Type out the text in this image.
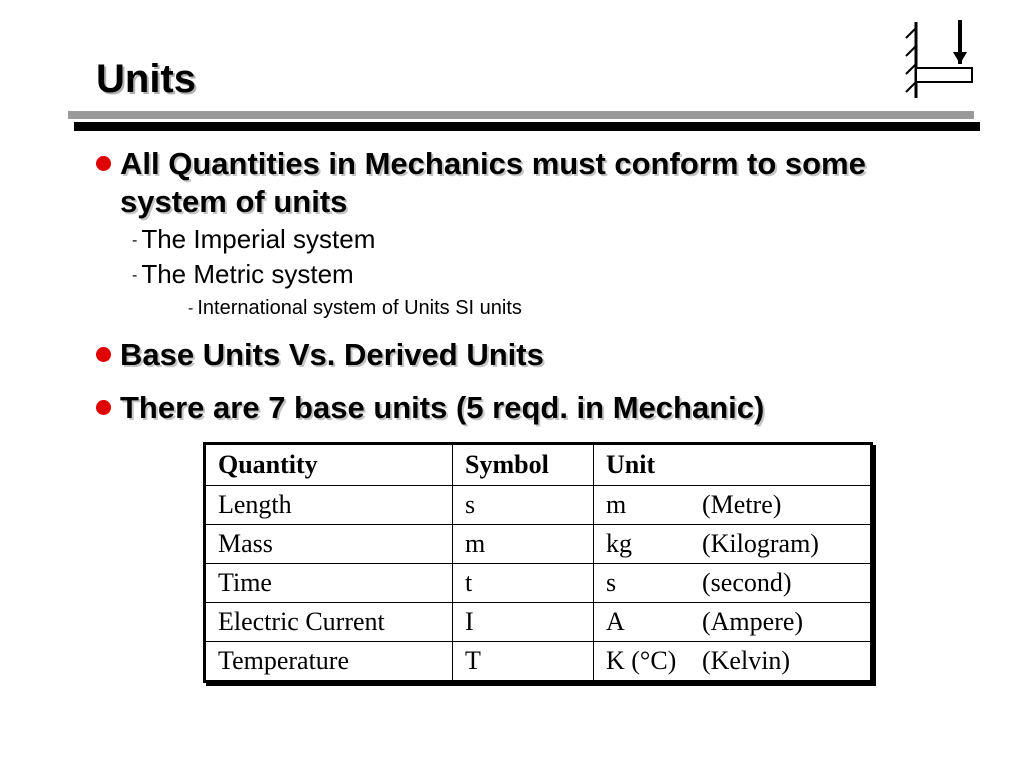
Units
All Quantities in Mechanics must conform to some system of units
- The Imperial system
- The Metric system
- International system of Units SI units
Base Units Vs. Derived Units
There are 7 base units (5 reqd. in Mechanic)
Quantity	Symbol	Unit
Length	s	m (Metre)
Mass	m	kg (Kilogram)
Time	t	s (second)
Electric Current	I	A (Ampere)
Temperature	T	K (°C) (Kelvin)
